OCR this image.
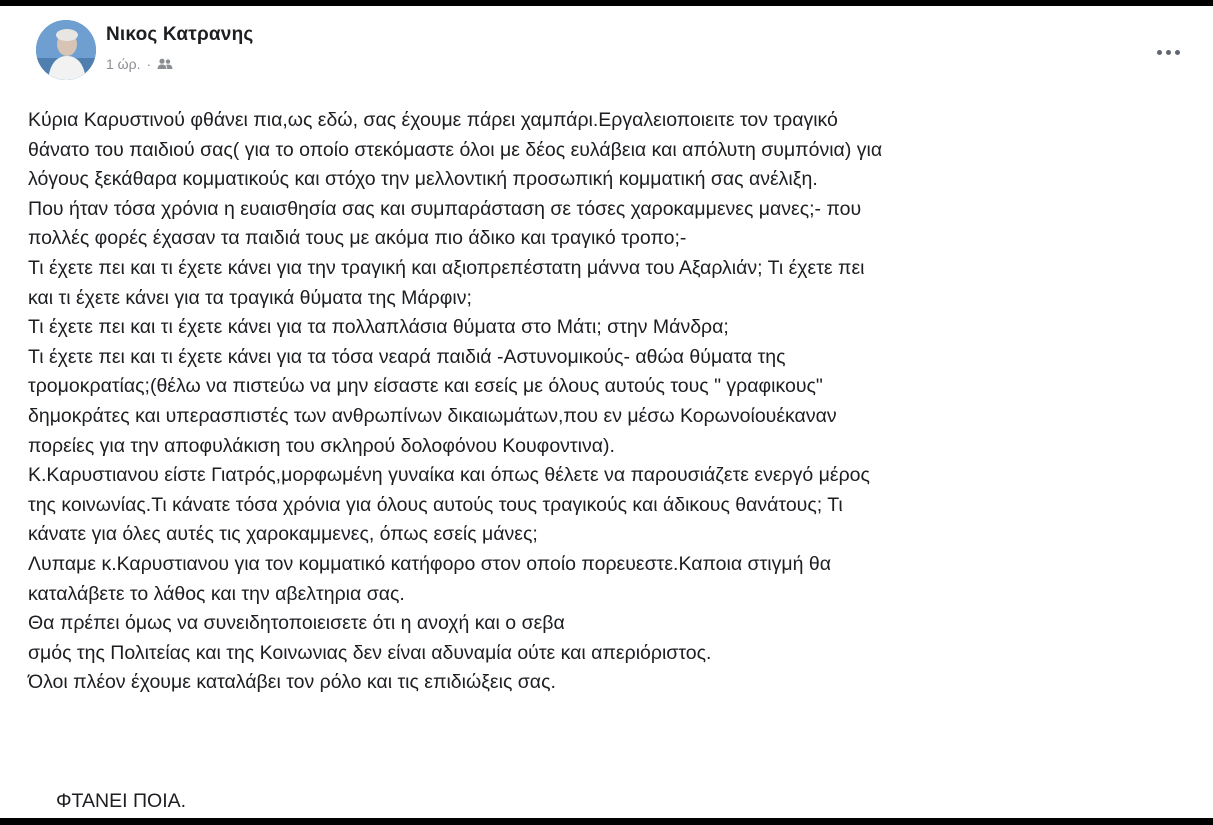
Νικος Κατρανης
1 ώρ. ·

Κύρια Καρυστινού φθάνει πια,ως εδώ, σας έχουμε πάρει χαμπάρι.Εργαλειοποιειτε τον τραγικό

θάνατο του παιδιού σας( για το οποίο στεκόμαστε όλοι με δέος ευλάβεια και απόλυτη συμπόνια) για

λόγους ξεκάθαρα κομματικούς και στόχο την μελλοντική προσωπική κομματική σας ανέλιξη.

Που ήταν τόσα χρόνια η ευαισθησία σας και συμπαράσταση σε τόσες χαροκαμμενες μανες;- που

πολλές φορές έχασαν τα παιδιά τους με ακόμα πιο άδικο και τραγικό τροπο;-

Τι έχετε πει και τι έχετε κάνει για την τραγική και αξιοπρεπέστατη μάννα του Αξαρλιάν; Τι έχετε πει

και τι έχετε κάνει για τα τραγικά θύματα της Μάρφιν;

Τι έχετε πει και τι έχετε κάνει για τα πολλαπλάσια θύματα στο Μάτι; στην Μάνδρα;

Τι έχετε πει και τι έχετε κάνει για τα τόσα νεαρά παιδιά -Αστυνομικούς- αθώα θύματα της

τρομοκρατίας;(θέλω να πιστεύω να μην είσαστε και εσείς με όλους αυτούς τους " γραφικους"

δημοκράτες και υπερασπιστές των ανθρωπίνων δικαιωμάτων,που εν μέσω Κορωνοίουέκαναν

πορείες για την αποφυλάκιση του σκληρού δολοφόνου Κουφοντινα).

Κ.Καρυστιανου είστε Γιατρός,μορφωμένη γυναίκα και όπως θέλετε να παρουσιάζετε ενεργό μέρος

της κοινωνίας.Τι κάνατε τόσα χρόνια για όλους αυτούς τους τραγικούς και άδικους θανάτους; Τι

κάνατε για όλες αυτές τις χαροκαμμενες, όπως εσείς μάνες;

Λυπαμε κ.Καρυστιανου για τον κομματικό κατήφορο στον οποίο πορευεστε.Καποια στιγμή θα

καταλάβετε το λάθος και την αβελτηρια σας.

Θα πρέπει όμως να συνειδητοποιεισετε ότι η ανοχή και ο σεβα

σμός της Πολιτείας και της Κοινωνιας δεν είναι αδυναμία ούτε και απεριόριστος.

Όλοι πλέον έχουμε καταλάβει τον ρόλο και τις επιδιώξεις σας.

ΦΤΑΝΕΙ ΠΟΙΑ.
